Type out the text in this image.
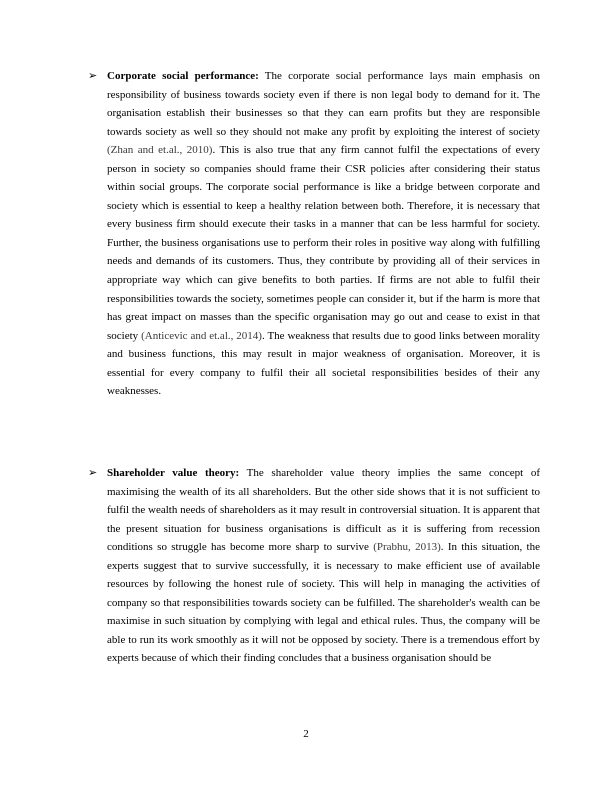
➢ Corporate social performance: The corporate social performance lays main emphasis on responsibility of business towards society even if there is non legal body to demand for it. The organisation establish their businesses so that they can earn profits but they are responsible towards society as well so they should not make any profit by exploiting the interest of society (Zhan and et.al., 2010). This is also true that any firm cannot fulfil the expectations of every person in society so companies should frame their CSR policies after considering their status within social groups. The corporate social performance is like a bridge between corporate and society which is essential to keep a healthy relation between both. Therefore, it is necessary that every business firm should execute their tasks in a manner that can be less harmful for society. Further, the business organisations use to perform their roles in positive way along with fulfilling needs and demands of its customers. Thus, they contribute by providing all of their services in appropriate way which can give benefits to both parties. If firms are not able to fulfil their responsibilities towards the society, sometimes people can consider it, but if the harm is more that has great impact on masses than the specific organisation may go out and cease to exist in that society (Anticevic and et.al., 2014). The weakness that results due to good links between morality and business functions, this may result in major weakness of organisation. Moreover, it is essential for every company to fulfil their all societal responsibilities besides of their any weaknesses.
➢ Shareholder value theory: The shareholder value theory implies the same concept of maximising the wealth of its all shareholders. But the other side shows that it is not sufficient to fulfil the wealth needs of shareholders as it may result in controversial situation. It is apparent that the present situation for business organisations is difficult as it is suffering from recession conditions so struggle has become more sharp to survive (Prabhu, 2013). In this situation, the experts suggest that to survive successfully, it is necessary to make efficient use of available resources by following the honest rule of society. This will help in managing the activities of company so that responsibilities towards society can be fulfilled. The shareholder's wealth can be maximise in such situation by complying with legal and ethical rules. Thus, the company will be able to run its work smoothly as it will not be opposed by society. There is a tremendous effort by experts because of which their finding concludes that a business organisation should be
2
